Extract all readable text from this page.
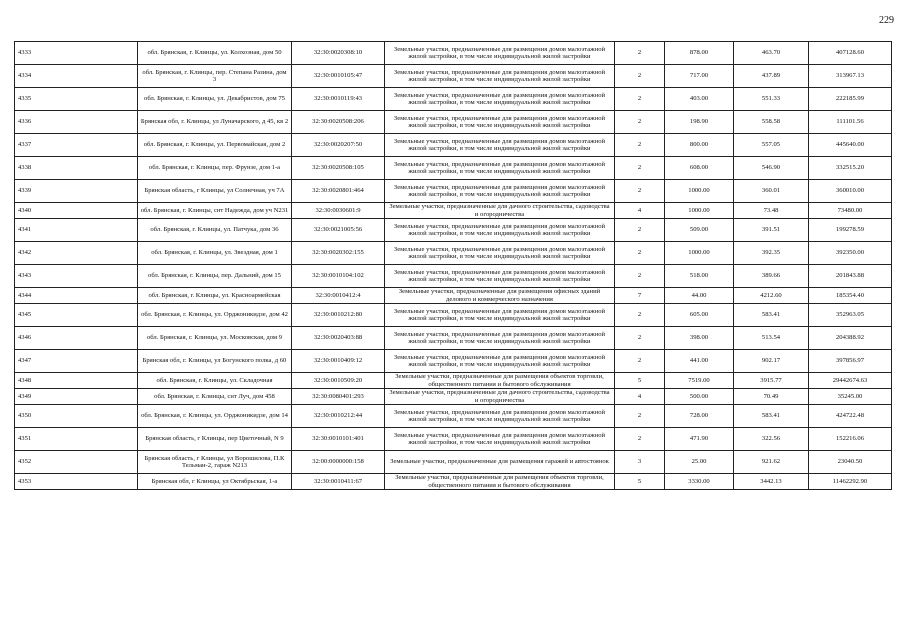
229
4333	обл. Брянская, г. Клинцы, ул. Колхозная, дом 50	32:30:0020308:10	Земельные участки, предназначенные для размещения домов малоэтажной жилой застройки, в том числе индивидуальной жилой застройки	2	878.00	463.70	407128.60
4334	обл. Брянская, г. Клинцы, пер. Степана Разина, дом 3	32:30:0010105:47	Земельные участки, предназначенные для размещения домов малоэтажной жилой застройки, в том числе индивидуальной жилой застройки	2	717.00	437.89	313967.13
4335	обл. Брянская, г. Клинцы, ул. Декабристов, дом 75	32:30:0010119:43	Земельные участки, предназначенные для размещения домов малоэтажной жилой застройки, в том числе индивидуальной жилой застройки	2	403.00	551.33	222185.99
4336	Брянская обл, г. Клинцы, ул Луначарского, д 45, кв 2	32:30:0020508:206	Земельные участки, предназначенные для размещения домов малоэтажной жилой застройки, в том числе индивидуальной жилой застройки	2	198.90	558.58	111101.56
4337	обл. Брянская, г. Клинцы, ул. Первомайская, дом 2	32:30:0020207:50	Земельные участки, предназначенные для размещения домов малоэтажной жилой застройки, в том числе индивидуальной жилой застройки	2	800.00	557.05	445640.00
4338	обл. Брянская, г. Клинцы, пер. Фрунзе, дом 1-а	32:30:0020508:105	Земельные участки, предназначенные для размещения домов малоэтажной жилой застройки, в том числе индивидуальной жилой застройки	2	608.00	546.90	332515.20
4339	Брянская область, г Клинцы, ул Солнечная, уч 7А	32:30:0020801:464	Земельные участки, предназначенные для размещения домов малоэтажной жилой застройки, в том числе индивидуальной жилой застройки	2	1000.00	360.01	360010.00
4340	обл. Брянская, г. Клинцы, снт Надежда, дом уч N231	32:30:0030601:9	Земельные участки, предназначенные для дачного строительства, садоводства и огородничества	4	1000.00	73.48	73480.00
4341	обл. Брянская, г. Клинцы, ул. Патчука, дом 36	32:30:0021005:56	Земельные участки, предназначенные для размещения домов малоэтажной жилой застройки, в том числе индивидуальной жилой застройки	2	509.00	391.51	199278.59
4342	обл. Брянская, г. Клинцы, ул. Звездная, дом 1	32:30:0020302:155	Земельные участки, предназначенные для размещения домов малоэтажной жилой застройки, в том числе индивидуальной жилой застройки	2	1000.00	392.35	392350.00
4343	обл. Брянская, г. Клинцы, пер. Дальний, дом 15	32:30:0010104:102	Земельные участки, предназначенные для размещения домов малоэтажной жилой застройки, в том числе индивидуальной жилой застройки	2	518.00	389.66	201843.88
4344	обл. Брянская, г. Клинцы, ул. Красноармейская	32:30:0010412:4	Земельные участки, предназначенные для размещения офисных зданий делового и коммерческого назначения	7	44.00	4212.60	185354.40
4345	обл. Брянская, г. Клинцы, ул. Орджоникидзе, дом 42	32:30:0010212:80	Земельные участки, предназначенные для размещения домов малоэтажной жилой застройки, в том числе индивидуальной жилой застройки	2	605.00	583.41	352963.05
4346	обл. Брянская, г. Клинцы, ул. Московская, дом 9	32:30:0020403:88	Земельные участки, предназначенные для размещения домов малоэтажной жилой застройки, в том числе индивидуальной жилой застройки	2	398.00	513.54	204388.92
4347	Брянская обл, г. Клинцы, ул Богунского полка, д 60	32:30:0010409:12	Земельные участки, предназначенные для размещения домов малоэтажной жилой застройки, в том числе индивидуальной жилой застройки	2	441.00	902.17	397856.97
4348	обл. Брянская, г. Клинцы, ул. Складочная	32:30:0010509:20	Земельные участки, предназначенные для размещения объектов торговли, общественного питания и бытового обслуживания	5	7519.00	3915.77	29442674.63
4349	обл. Брянская, г. Клинцы, снт Луч, дом 458	32:30:0080401:293	Земельные участки, предназначенные для дачного строительства, садоводства и огородничества	4	500.00	70.49	35245.00
4350	обл. Брянская, г. Клинцы, ул. Орджоникидзе, дом 14	32:30:0010212:44	Земельные участки, предназначенные для размещения домов малоэтажной жилой застройки, в том числе индивидуальной жилой застройки	2	728.00	583.41	424722.48
4351	Брянская область, г Клинцы, пер Цветочный, N 9	32:30:0010101:401	Земельные участки, предназначенные для размещения домов малоэтажной жилой застройки, в том числе индивидуальной жилой застройки	2	471.90	322.56	152216.06
4352	Брянская область, г Клинцы, ул Ворошилова, П.К Тельман-2, гараж N213	32:00:0000000:158	Земельные участки, предназначенные для размещения гаражей и автостоянок	3	25.00	921.62	23040.50
4353	Брянская обл, г Клинцы, ул Октябрьская, 1-а	32:30:0010411:67	Земельные участки, предназначенные для размещения объектов торговли, общественного питания и бытового обслуживания	5	3330.00	3442.13	11462292.90
